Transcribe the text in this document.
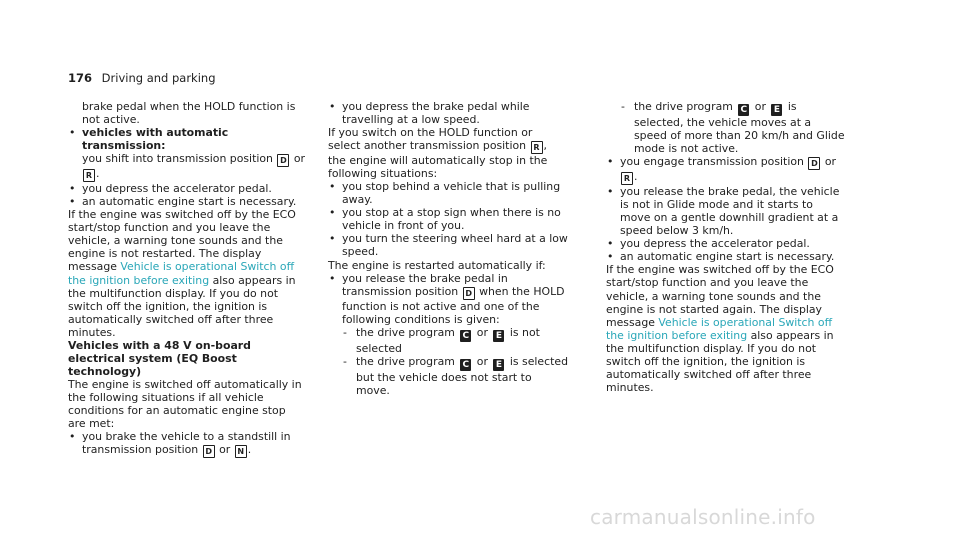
176 Driving and parking

brake pedal when the HOLD function is not active.

• vehicles with automatic transmission:
you shift into transmission position D or
R .
• you depress the accelerator pedal.
• an automatic engine start is necessary.

If the engine was switched off by the ECO start/stop function and you leave the vehicle, a warning tone sounds and the engine is not restarted. The display message Vehicle is operational Switch off the ignition before exiting also appears in the multifunction display. If you do not switch off the ignition, the ignition is automatically switched off after three minutes.

Vehicles with a 48 V on-board electrical system (EQ Boost technology)

The engine is switched off automatically in the following situations if all vehicle conditions for an automatic engine stop are met:

• you brake the vehicle to a standstill in transmission position D or N .
• you depress the brake pedal while travelling at a low speed.

If you switch on the HOLD function or select another transmission position R , the engine will automatically stop in the following situations:

• you stop behind a vehicle that is pulling away.
• you stop at a stop sign when there is no vehicle in front of you.
• you turn the steering wheel hard at a low speed.

The engine is restarted automatically if:

• you release the brake pedal in transmission position D when the HOLD function is not active and one of the following conditions is given:
- the drive program C or E is not selected
- the drive program C or E is selected but the vehicle does not start to move.
- the drive program C or E is selected, the vehicle moves at a speed of more than 20 km/h and Glide mode is not active.
• you engage transmission position D or R .
• you release the brake pedal, the vehicle is not in Glide mode and it starts to move on a gentle downhill gradient at a speed below 3 km/h.
• you depress the accelerator pedal.
• an automatic engine start is necessary.

If the engine was switched off by the ECO start/stop function and you leave the vehicle, a warning tone sounds and the engine is not started again. The display message Vehicle is operational Switch off the ignition before exiting also appears in the multifunction display. If you do not switch off the ignition, the ignition is automatically switched off after three minutes.

carmanualsonline.info
